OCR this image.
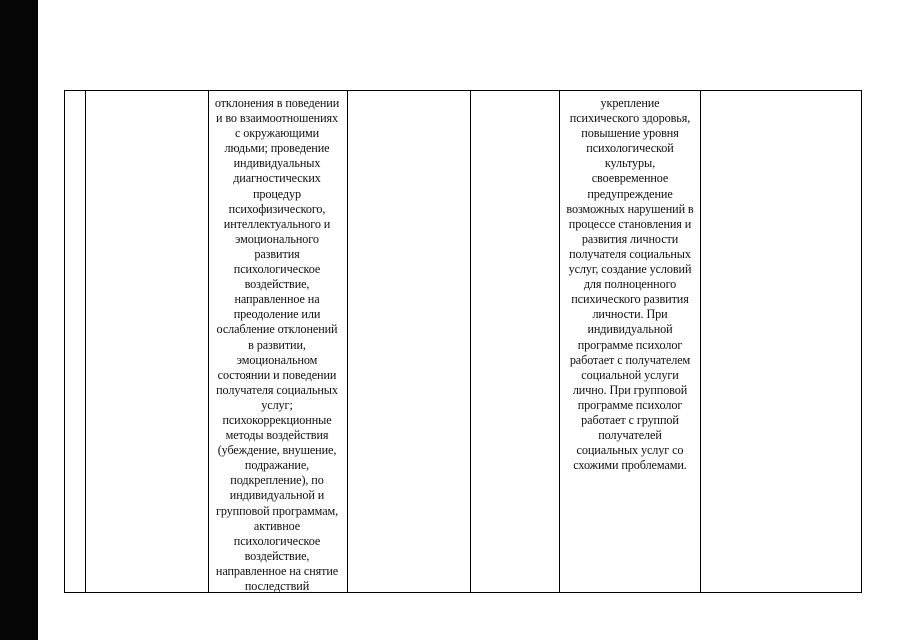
отклонения в поведении
и во взаимоотношениях
с окружающими
людьми; проведение
индивидуальных
диагностических
процедур
психофизического,
интеллектуального и
эмоционального
развития
психологическое
воздействие,
направленное на
преодоление или
ослабление отклонений
в развитии,
эмоциональном
состоянии и поведении
получателя социальных
услуг;
психокоррекционные
методы воздействия
(убеждение, внушение,
подражание,
подкрепление), по
индивидуальной и
групповой программам,
активное
психологическое
воздействие,
направленное на снятие
последствий
укрепление
психического здоровья,
повышение уровня
психологической
культуры,
своевременное
предупреждение
возможных нарушений в
процессе становления и
развития личности
получателя социальных
услуг, создание условий
для полноценного
психического развития
личности. При
индивидуальной
программе психолог
работает с получателем
социальной услуги
лично. При групповой
программе психолог
работает с группой
получателей
социальных услуг со
схожими проблемами.
